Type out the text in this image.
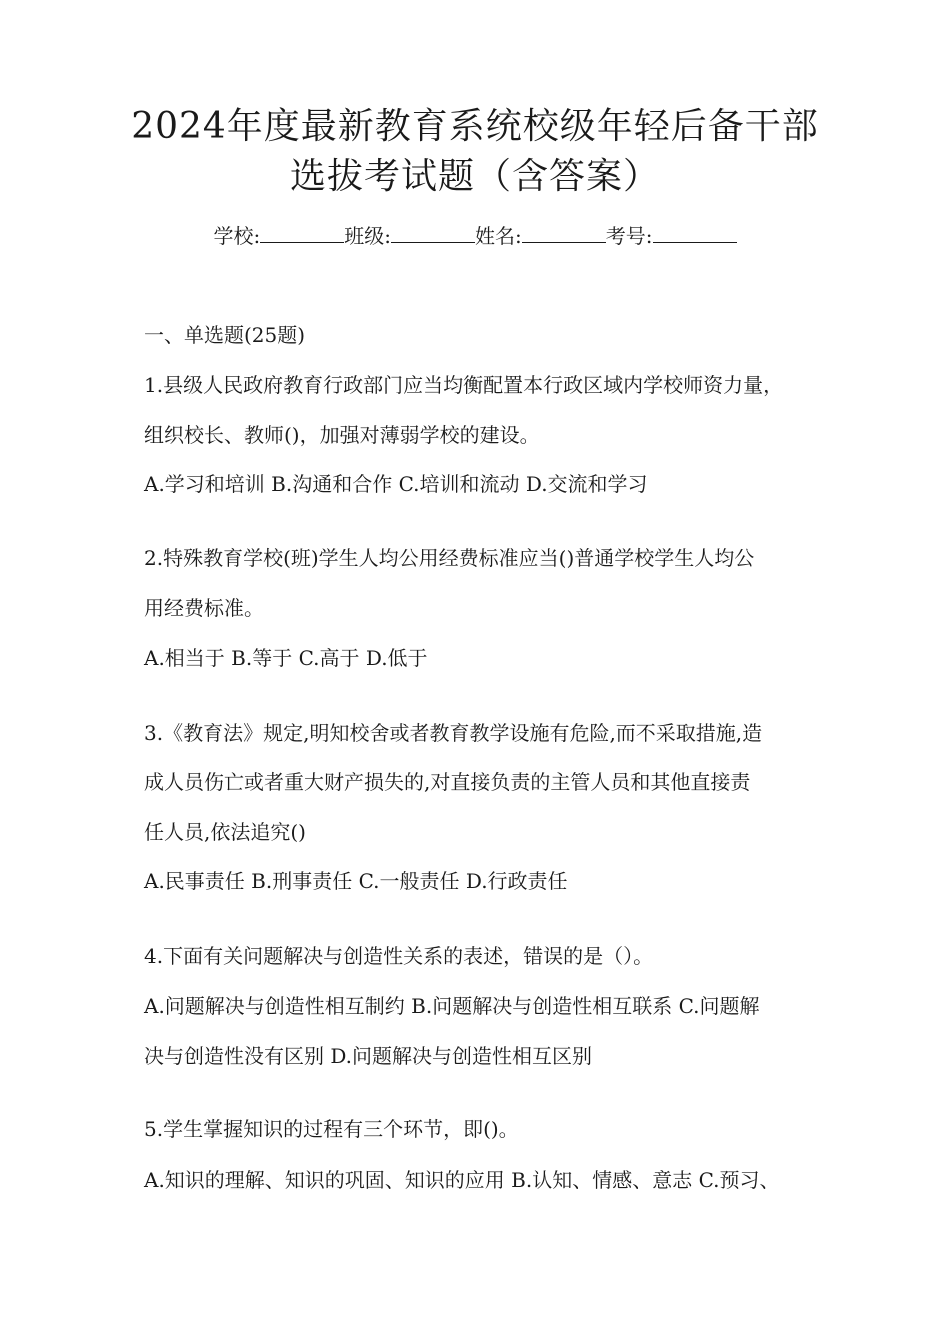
2024年度最新教育系统校级年轻后备干部
选拔考试题（含答案）
学校:	班级:	姓名:	考号:
一、单选题(25题)
1.县级人民政府教育行政部门应当均衡配置本行政区域内学校师资力量，
组织校长、教师()，加强对薄弱学校的建设。
A.学习和培训 B.沟通和合作 C.培训和流动 D.交流和学习
2.特殊教育学校(班)学生人均公用经费标准应当()普通学校学生人均公
用经费标准。
A.相当于 B.等于 C.高于 D.低于
3.《教育法》规定,明知校舍或者教育教学设施有危险,而不采取措施,造
成人员伤亡或者重大财产损失的,对直接负责的主管人员和其他直接责
任人员,依法追究()
A.民事责任 B.刑事责任 C.一般责任 D.行政责任
4.下面有关问题解决与创造性关系的表述，错误的是（）。
A.问题解决与创造性相互制约 B.问题解决与创造性相互联系 C.问题解
决与创造性没有区别 D.问题解决与创造性相互区别
5.学生掌握知识的过程有三个环节，即()。
A.知识的理解、知识的巩固、知识的应用 B.认知、情感、意志 C.预习、
